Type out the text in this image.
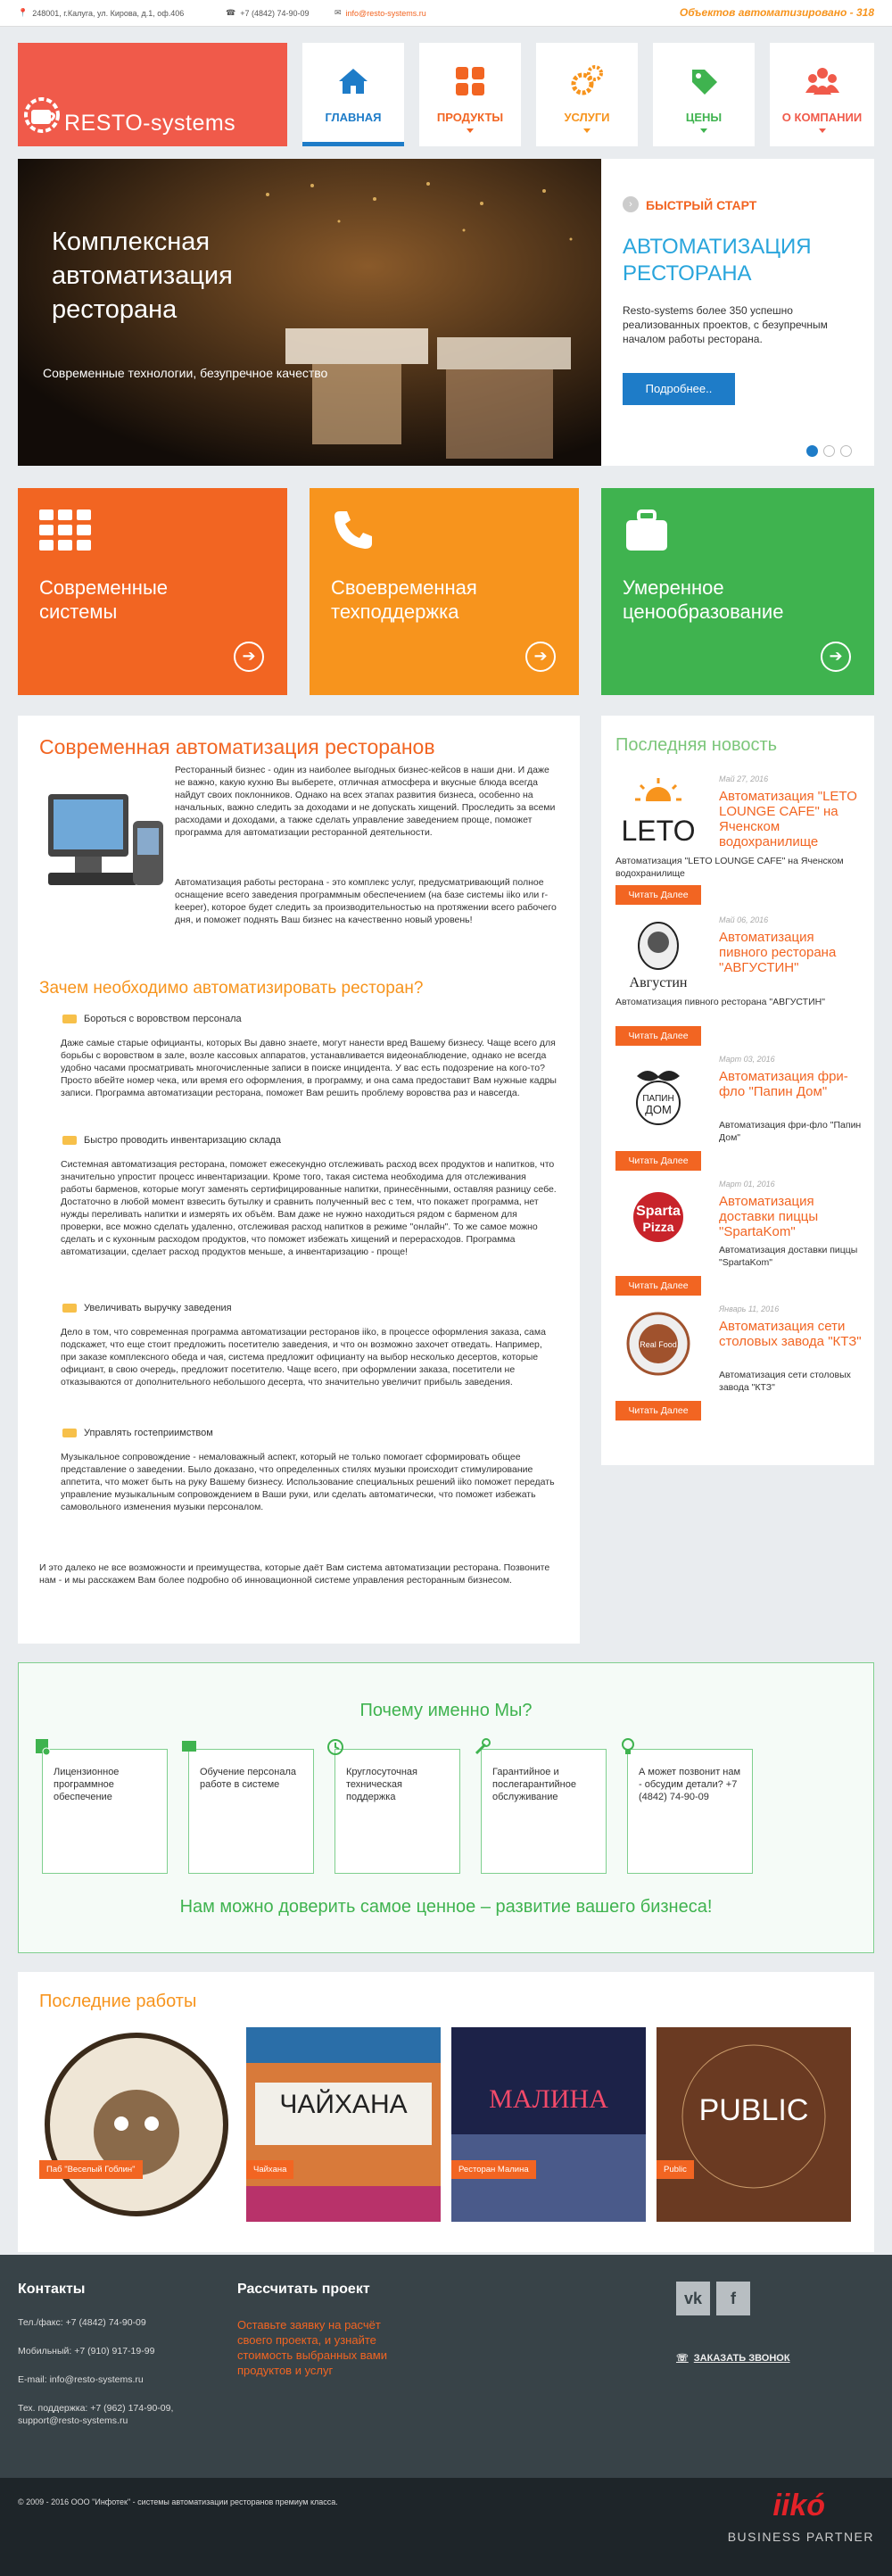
📍 248001, г.Калуга, ул. Кирова, д.1, оф.406	☎ +7 (4842) 74-90-09	✉ info@resto-systems.ru	Объектов автоматизировано - 318
RESTO-systems	ГЛАВНАЯ	ПРОДУКТЫ	УСЛУГИ	ЦЕНЫ	О КОМПАНИИ
Комплексная
автоматизация
ресторана
Современные технологии, безупречное качество
›	БЫСТРЫЙ СТАРТ
АВТОМАТИЗАЦИЯ
РЕСТОРАНА
Resto-systems более 350 успешно реализованных проектов, с безупречным началом работы ресторана.
Подробнее..
Современные
системы
➔
Своевременная
техподдержка
➔
Умеренное
ценообразование
➔
Современная автоматизация ресторанов
Ресторанный бизнес - один из наиболее выгодных бизнес-кейсов в наши дни. И даже не важно, какую кухню Вы выберете, отличная атмосфера и вкусные блюда всегда найдут своих поклонников. Однако на всех этапах развития бизнеса, особенно на начальных, важно следить за доходами и не допускать хищений. Проследить за всеми расходами и доходами, а также сделать управление заведением проще, поможет программа для автоматизации ресторанной деятельности.
Автоматизация работы ресторана - это комплекс услуг, предусматривающий полное оснащение всего заведения программным обеспечением (на базе системы iiko или r-keeper), которое будет следить за производительностью на протяжении всего рабочего дня, и поможет поднять Ваш бизнес на качественно новый уровень!
Зачем необходимо автоматизировать ресторан?
Бороться с воровством персонала
Даже самые старые официанты, которых Вы давно знаете, могут нанести вред Вашему бизнесу. Чаще всего для борьбы с воровством в зале, возле кассовых аппаратов, устанавливается видеонаблюдение, однако не всегда удобно часами просматривать многочисленные записи в поиске инцидента. У вас есть подозрение на кого-то? Просто вбейте номер чека, или время его оформления, в программу, и она сама предоставит Вам нужные кадры записи. Программа автоматизации ресторана, поможет Вам решить проблему воровства раз и навсегда.
Быстро проводить инвентаризацию склада
Системная автоматизация ресторана, поможет ежесекундно отслеживать расход всех продуктов и напитков, что значительно упростит процесс инвентаризации. Кроме того, такая система необходима для отслеживания работы барменов, которые могут заменять сертифицированные напитки, принесёнными, оставляя разницу себе. Достаточно в любой момент взвесить бутылку и сравнить полученный вес с тем, что покажет программа, нет нужды переливать напитки и измерять их объём. Вам даже не нужно находиться рядом с барменом для проверки, все можно сделать удаленно, отслеживая расход напитков в режиме "онлайн". То же самое можно сделать и с кухонным расходом продуктов, что поможет избежать хищений и перерасходов. Программа автоматизации, сделает расход продуктов меньше, а инвентаризацию - проще!
Увеличивать выручку заведения
Дело в том, что современная программа автоматизации ресторанов iiko, в процессе оформления заказа, сама подскажет, что еще стоит предложить посетителю заведения, и что он возможно захочет отведать. Например, при заказе комплексного обеда и чая, система предложит официанту на выбор несколько десертов, которые официант, в свою очередь, предложит посетителю. Чаще всего, при оформлении заказа, посетители не отказываются от дополнительного небольшого десерта, что значительно увеличит прибыль заведения.
Управлять гостеприимством
Музыкальное сопровождение - немаловажный аспект, который не только помогает сформировать общее представление о заведении. Было доказано, что определенных стилях музыки происходит стимулирование аппетита, что может быть на руку Вашему бизнесу. Использование специальных решений iiko поможет передать управление музыкальным сопровождением в Ваши руки, или сделать автоматически, что поможет избежать самовольного изменения музыки персоналом.
И это далеко не все возможности и преимущества, которые даёт Вам система автоматизации ресторана. Позвоните нам - и мы расскажем Вам более подробно об инновационной системе управления ресторанным бизнесом.
Последняя новость
LETO
Май 27, 2016
Автоматизация "LETO LOUNGE CAFE" на Яченском водохранилище
Автоматизация "LETO LOUNGE CAFE" на Яченском водохранилище
Читать Далее
Августин
Май 06, 2016
Автоматизация пивного ресторана "АВГУСТИН"
Автоматизация пивного ресторана "АВГУСТИН"
Читать Далее
ПАПИН
ДОМ
Март 03, 2016
Автоматизация фри-фло "Папин Дом"
Автоматизация фри-фло "Папин Дом"
Читать Далее
Sparta
Pizza
Март 01, 2016
Автоматизация доставки пиццы "SpartaKom"
Автоматизация доставки пиццы "SpartaKom"
Читать Далее
Real Food
Январь 11, 2016
Автоматизация сети столовых завода "КТЗ"
Автоматизация сети столовых завода "КТЗ"
Читать Далее
Почему именно Мы?
Лицензионное программное обеспечение
Обучение персонала работе в системе
Круглосуточная техническая поддержка
Гарантийное и послегарантийное обслуживание
А может позвонит нам - обсудим детали? +7 (4842) 74-90-09
Нам можно доверить самое ценное – развитие вашего бизнеса!
Последние работы
Паб "Веселый Гоблин"
ЧАЙХАНА
Чайхана
МАЛИНА
Ресторан Малина
PUBLIC
Public
Контакты
Тел./факс: +7 (4842) 74-90-09
Мобильный: +7 (910) 917-19-99
E-mail: info@resto-systems.ru
Тех. поддержка: +7 (962) 174-90-09,
support@resto-systems.ru
Рассчитать проект
Оставьте заявку на расчёт своего проекта, и узнайте стоимость выбранных вами продуктов и услуг
vk	f
☏ ЗАКАЗАТЬ ЗВОНОК
© 2009 - 2016 ООО "Инфотек" - системы автоматизации ресторанов премиум класса.	iikó
BUSINESS PARTNER
